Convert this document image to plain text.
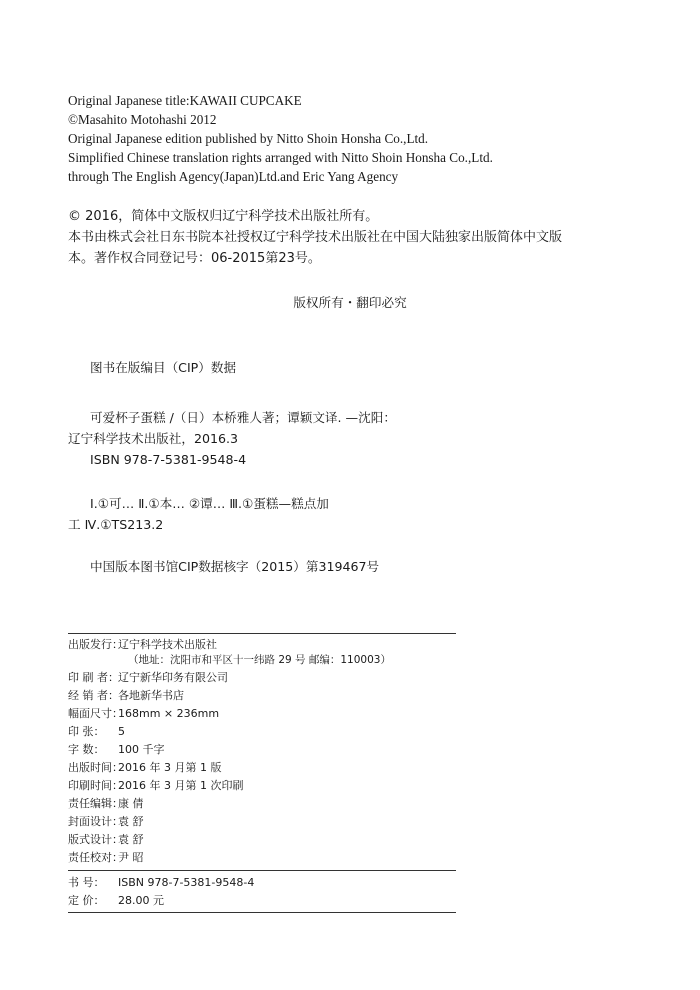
Original Japanese title:KAWAII CUPCAKE
©Masahito Motohashi 2012
Original Japanese edition published by Nitto Shoin Honsha Co.,Ltd.
Simplified Chinese translation rights arranged with Nitto Shoin Honsha Co.,Ltd.
through The English Agency(Japan)Ltd.and Eric Yang Agency
© 2016，简体中文版权归辽宁科学技术出版社所有。
本书由株式会社日东书院本社授权辽宁科学技术出版社在中国大陆独家出版简体中文版
本。著作权合同登记号：06-2015第23号。
版权所有・翻印必究
图书在版编目（CIP）数据
可爱杯子蛋糕 /（日）本桥雅人著；谭颖文译. —沈阳：
辽宁科学技术出版社，2016.3
ISBN 978-7-5381-9548-4
Ⅰ.①可… Ⅱ.①本… ②谭… Ⅲ.①蛋糕—糕点加
工 Ⅳ.①TS213.2
中国版本图书馆CIP数据核字（2015）第319467号
出版发行：
辽宁科学技术出版社
（地址：沈阳市和平区十一纬路 29 号 邮编：110003）
印 刷 者： 辽宁新华印务有限公司
经 销 者： 各地新华书店
幅面尺寸：
168mm × 236mm
印 张： 5
字 数： 100 千字
出版时间：
2016 年 3 月第 1 版
印刷时间：
2016 年 3 月第 1 次印刷
责任编辑：
康 倩
封面设计：
袁 舒
版式设计：
袁 舒
责任校对：
尹 昭
书 号： ISBN 978-7-5381-9548-4
定 价： 28.00 元
